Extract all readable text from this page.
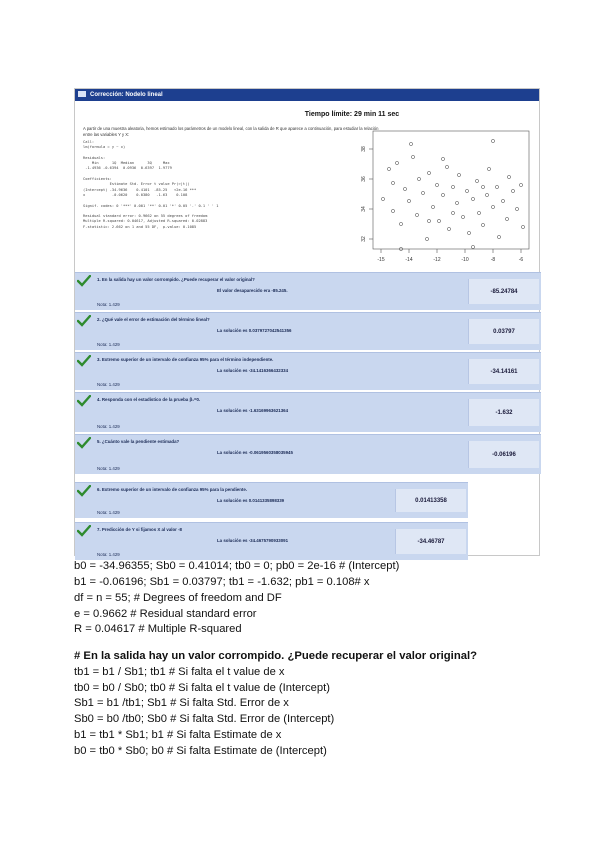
Corrección: Nodelo lineal
Tiempo límite: 29 min 11 sec
A partir de una muestra aleatoria, hemos estimado los parámetros de un modelo lineal, con la salida de R que aparece a continuación, para estudiar la relación entre las variables Y y X:
Call:
lm(formula = y ~ x)

Residuals:
Min      1Q  Median      3Q     Max
-1.4936 -0.6394  0.0936  0.6397  1.9779

Coefficients:
Estimate Std. Error t value Pr(>|t|)
(Intercept) -34.9636    0.4101  -85.25   <2e-16 ***
x            -0.0620    0.0380   -1.63    0.108

Signif. codes: 0 '***' 0.001 '**' 0.01 '*' 0.05 '.' 0.1 ' ' 1

Residual standard error: 0.9662 on 55 degrees of freedom
Multiple R-squared: 0.04617, Adjusted R-squared: 0.02883
F-statistic: 2.662 on 1 and 55 DF,  p-value: 0.1085
32
34
36
38
-15	-14	-12	-10	-8	-6
1. En la salida hay un valor corrompido. ¿Puede recuperar el valor original?
El valor desaparecido era -85.245.
Nota: 1.429
-85.24784
2. ¿Qué vale el error de estimación del término lineal?
La solución es 0.0379727042541356
Nota: 1.429
0.03797
3. Extremo superior de un intervalo de confianza 95% para el término independiente.
La solución es -34.1416366432334
Nota: 1.429
-34.14161
4. Responda con el estadístico de la prueba β₁=0.
La solución es -1.63169963621364
Nota: 1.429
-1.632
5. ¿Cuánto vale la pendiente estimada?
La solución es -0.0619560358035945
Nota: 1.429
-0.06196
6. Extremo superior de un intervalo de confianza 95% para la pendiente.
La solución es 0.0141335898339
Nota: 1.429
0.01413358
7. Predicción de Y si fijamos X al valor -8
La solución es -34.4675790933091
Nota: 1.429
-34.46787
b0 = -34.96355; Sb0 = 0.41014; tb0 = 0; pb0 = 2e-16 # (Intercept)
b1 = -0.06196; Sb1 = 0.03797; tb1 = -1.632; pb1 = 0.108# x
df = n = 55; # Degrees of freedom and DF
e = 0.9662 # Residual standard error
R = 0.04617 # Multiple R-squared
# En la salida hay un valor corrompido. ¿Puede recuperar el valor original?
tb1 = b1 / Sb1; tb1 # Si falta el t value de x
tb0 = b0 / Sb0; tb0 # Si falta el t value de (Intercept)
Sb1 = b1 /tb1; Sb1 # Si falta Std. Error de x
Sb0 = b0 /tb0; Sb0 # Si falta Std. Error de (Intercept)
b1 = tb1 * Sb1; b1 # Si falta Estimate de x
b0 = tb0 * Sb0; b0 # Si falta Estimate de (Intercept)
